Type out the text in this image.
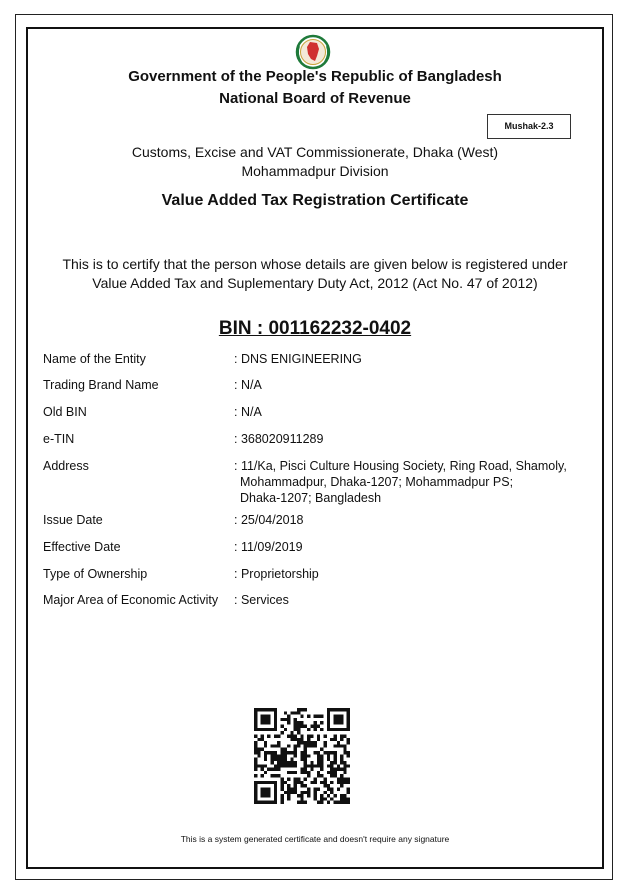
Government of the People's Republic of Bangladesh
National Board of Revenue
Mushak-2.3
Customs, Excise and VAT Commissionerate, Dhaka (West)
Mohammadpur Division
Value Added Tax Registration Certificate
This is to certify that the person whose details are given below is registered under
Value Added Tax and Suplementary Duty Act, 2012 (Act No. 47 of 2012)
BIN : 001162232-0402
Name of the Entity	: DNS ENIGINEERING
Trading Brand Name	: N/A
Old BIN	: N/A
e-TIN	: 368020911289
Address	: 11/Ka, Pisci Culture Housing Society, Ring Road, Shamoly,
Mohammadpur, Dhaka-1207; Mohammadpur PS;
Dhaka-1207; Bangladesh
Issue Date	: 25/04/2018
Effective Date	: 11/09/2019
Type of Ownership	: Proprietorship
Major Area of Economic Activity : Services
This is a system generated certificate and doesn't require any signature
